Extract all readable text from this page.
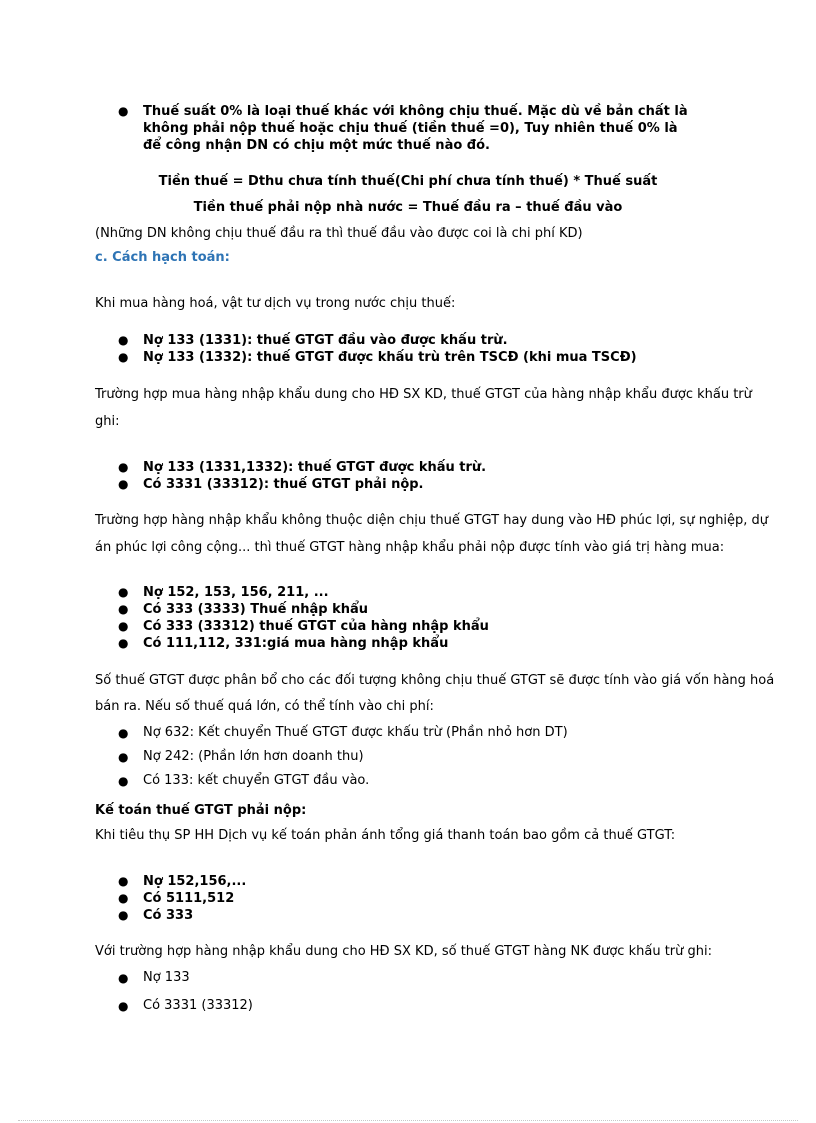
● Thuế suất 0% là loại thuế khác với không chịu thuế. Mặc dù về bản chất là không phải nộp thuế hoặc chịu thuế (tiền thuế =0), Tuy nhiên thuế 0% là để công nhận DN có chịu một mức thuế nào đó.
Tiền thuế = Dthu chưa tính thuế(Chi phí chưa tính thuế) * Thuế suất
Tiền thuế phải nộp nhà nước = Thuế đầu ra – thuế đầu vào
(Những DN không chịu thuế đầu ra thì thuế đầu vào được coi là chi phí KD)
c. Cách hạch toán:
Khi mua hàng hoá, vật tư dịch vụ trong nước chịu thuế:
● Nợ 133 (1331): thuế GTGT đầu vào được khấu trừ.
● Nợ 133 (1332): thuế GTGT được khấu trù trên TSCĐ (khi mua TSCĐ)
Trường hợp mua hàng nhập khẩu dung cho HĐ SX KD, thuế GTGT của hàng nhập khẩu được khấu trừ
ghi:
● Nợ 133 (1331,1332): thuế GTGT được khấu trừ.
● Có 3331 (33312): thuế GTGT phải nộp.
Trường hợp hàng nhập khẩu không thuộc diện chịu thuế GTGT hay dung vào HĐ phúc lợi, sự nghiệp, dự
án phúc lợi công cộng... thì thuế GTGT hàng nhập khẩu phải nộp được tính vào giá trị hàng mua:
● Nợ 152, 153, 156, 211, ...
● Có 333 (3333) Thuế nhập khẩu
● Có 333 (33312) thuế GTGT của hàng nhập khẩu
● Có 111,112, 331:giá mua hàng nhập khẩu
Số thuế GTGT được phân bổ cho các đối tượng không chịu thuế GTGT sẽ được tính vào giá vốn hàng hoá
bán ra. Nếu số thuế quá lớn, có thể tính vào chi phí:
● Nợ 632: Kết chuyển Thuế GTGT được khấu trừ (Phần nhỏ hơn DT)
● Nợ 242: (Phần lớn hơn doanh thu)
● Có 133: kết chuyển GTGT đầu vào.
Kế toán thuế GTGT phải nộp:
Khi tiêu thụ SP HH Dịch vụ kế toán phản ánh tổng giá thanh toán bao gồm cả thuế GTGT:
● Nợ 152,156,...
● Có 5111,512
● Có 333
Với trường hợp hàng nhập khẩu dung cho HĐ SX KD, số thuế GTGT hàng NK được khấu trừ ghi:
● Nợ 133
● Có 3331 (33312)
